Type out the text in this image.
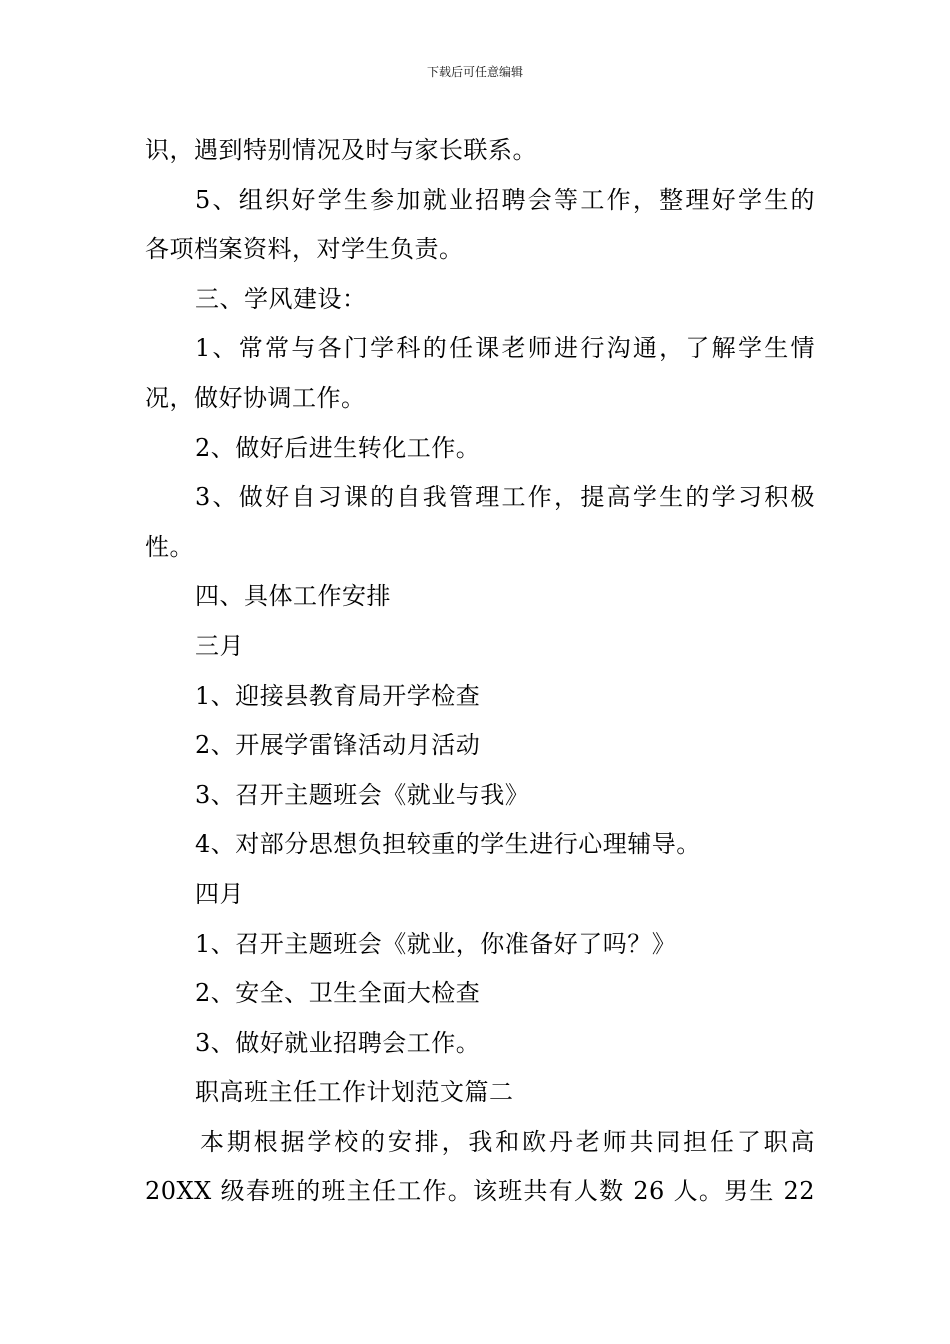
下载后可任意编辑
识，遇到特别情况及时与家长联系。
5、组织好学生参加就业招聘会等工作，整理好学生的
各项档案资料，对学生负责。
三、学风建设：
1、常常与各门学科的任课老师进行沟通，了解学生情
况，做好协调工作。
2、做好后进生转化工作。
3、做好自习课的自我管理工作，提高学生的学习积极
性。
四、具体工作安排
三月
1、迎接县教育局开学检查
2、开展学雷锋活动月活动
3、召开主题班会《就业与我》
4、对部分思想负担较重的学生进行心理辅导。
四月
1、召开主题班会《就业，你准备好了吗？》
2、安全、卫生全面大检查
3、做好就业招聘会工作。
职高班主任工作计划范文篇二
本期根据学校的安排，我和欧丹老师共同担任了职高
20XX 级春班的班主任工作。该班共有人数 26 人。男生 22
